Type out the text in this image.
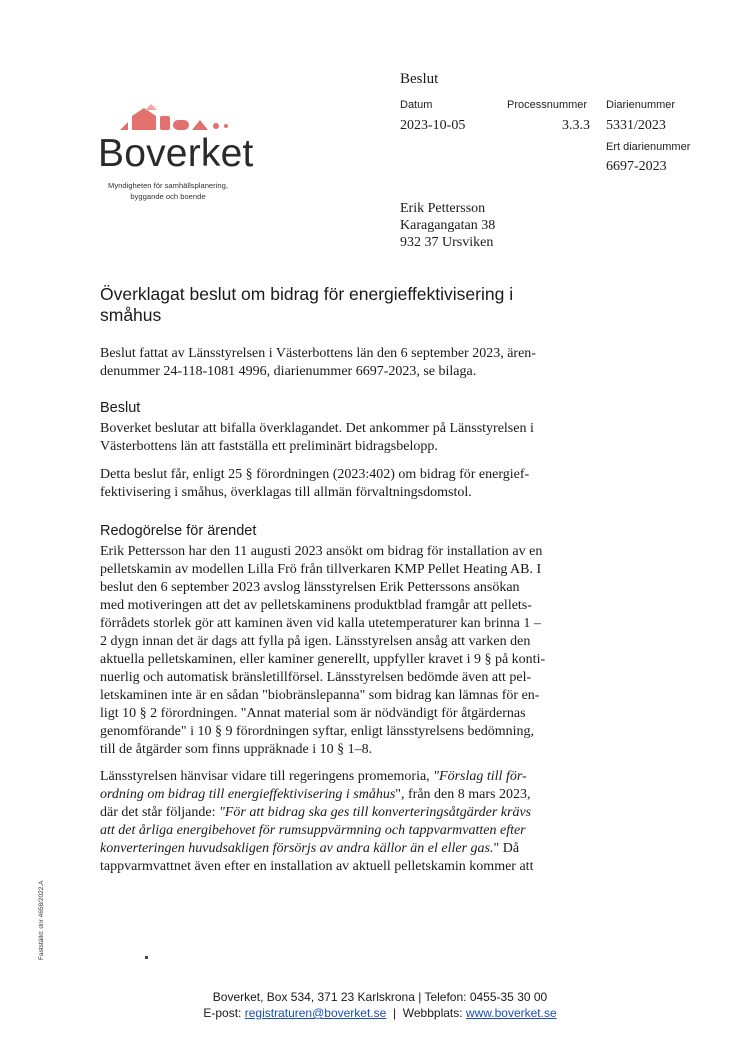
Boverket
Myndigheten för samhällsplanering,
byggande och boende
Beslut
Datum
2023-10-05
Processnummer
3.3.3
Diarienummer
5331/2023
Ert diarienummer
6697-2023
Erik Pettersson
Karagangatan 38
932 37 Ursviken
Överklagat beslut om bidrag för energieffektivisering i
småhus

Beslut fattat av Länsstyrelsen i Västerbottens län den 6 september 2023, ären-

denummer 24-118-1081 4996, diarienummer 6697-2023, se bilaga.

Beslut

Boverket beslutar att bifalla överklagandet. Det ankommer på Länsstyrelsen i

Västerbottens län att fastställa ett preliminärt bidragsbelopp.

Detta beslut får, enligt 25 § förordningen (2023:402) om bidrag för energief-

fektivisering i småhus, överklagas till allmän förvaltningsdomstol.

Redogörelse för ärendet

Erik Pettersson har den 11 augusti 2023 ansökt om bidrag för installation av en

pelletskamin av modellen Lilla Frö från tillverkaren KMP Pellet Heating AB. I

beslut den 6 september 2023 avslog länsstyrelsen Erik Petterssons ansökan

med motiveringen att det av pelletskaminens produktblad framgår att pellets-

förrådets storlek gör att kaminen även vid kalla utetemperaturer kan brinna 1 –

2 dygn innan det är dags att fylla på igen. Länsstyrelsen ansåg att varken den

aktuella pelletskaminen, eller kaminer generellt, uppfyller kravet i 9 § på konti-

nuerlig och automatisk bränsletillförsel. Länsstyrelsen bedömde även att pel-

letskaminen inte är en sådan "biobränslepanna" som bidrag kan lämnas för en-

ligt 10 § 2 förordningen. "Annat material som är nödvändigt för åtgärdernas

genomförande" i 10 § 9 förordningen syftar, enligt länsstyrelsens bedömning,

till de åtgärder som finns uppräknade i 10 § 1–8.

Länsstyrelsen hänvisar vidare till regeringens promemoria, "Förslag till för-

ordning om bidrag till energieffektivisering i småhus", från den 8 mars 2023,

där det står följande: "För att bidrag ska ges till konverteringsåtgärder krävs

att det årliga energibehovet för rumsuppvärmning och tappvarmvatten efter

konverteringen huvudsakligen försörjs av andra källor än el eller gas." Då

tappvarmvattnet även efter en installation av aktuell pelletskamin kommer att

Fastställd: dnr 4658/2022.A
Boverket, Box 534, 371 23 Karlskrona | Telefon: 0455-35 30 00
E-post: registraturen@boverket.se  |  Webbplats: www.boverket.se
